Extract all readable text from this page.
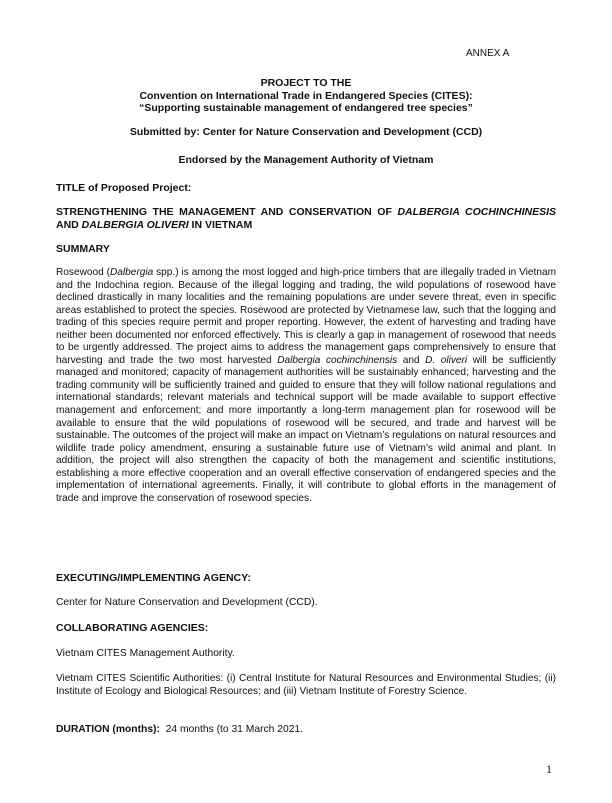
ANNEX A
PROJECT TO THE
Convention on International Trade in Endangered Species (CITES):
“Supporting sustainable management of endangered tree species”
Submitted by: Center for Nature Conservation and Development (CCD)
Endorsed by the Management Authority of Vietnam
TITLE of Proposed Project:
STRENGTHENING THE MANAGEMENT AND CONSERVATION OF DALBERGIA COCHINCHINESIS AND DALBERGIA OLIVERI IN VIETNAM
SUMMARY
Rosewood (Dalbergia spp.) is among the most logged and high-price timbers that are illegally traded in Vietnam and the Indochina region. Because of the illegal logging and trading, the wild populations of rosewood have declined drastically in many localities and the remaining populations are under severe threat, even in specific areas established to protect the species. Rosewood are protected by Vietnamese law, such that the logging and trading of this species require permit and proper reporting. However, the extent of harvesting and trading have neither been documented nor enforced effectively. This is clearly a gap in management of rosewood that needs to be urgently addressed. The project aims to address the management gaps comprehensively to ensure that harvesting and trade the two most harvested Dalbergia cochinchinensis and D. oliveri will be sufficiently managed and monitored; capacity of management authorities will be sustainably enhanced; harvesting and the trading community will be sufficiently trained and guided to ensure that they will follow national regulations and international standards; relevant materials and technical support will be made available to support effective management and enforcement; and more importantly a long-term management plan for rosewood will be available to ensure that the wild populations of rosewood will be secured, and trade and harvest will be sustainable. The outcomes of the project will make an impact on Vietnam’s regulations on natural resources and wildlife trade policy amendment, ensuring a sustainable future use of Vietnam’s wild animal and plant. In addition, the project will also strengthen the capacity of both the management and scientific institutions, establishing a more effective cooperation and an overall effective conservation of endangered species and the implementation of international agreements. Finally, it will contribute to global efforts in the management of trade and improve the conservation of rosewood species.
EXECUTING/IMPLEMENTING AGENCY:
Center for Nature Conservation and Development (CCD).
COLLABORATING AGENCIES:
Vietnam CITES Management Authority.
Vietnam CITES Scientific Authorities: (i) Central Institute for Natural Resources and Environmental Studies; (ii) Institute of Ecology and Biological Resources; and (iii) Vietnam Institute of Forestry Science.
DURATION (months): 24 months (to 31 March 2021.
1
